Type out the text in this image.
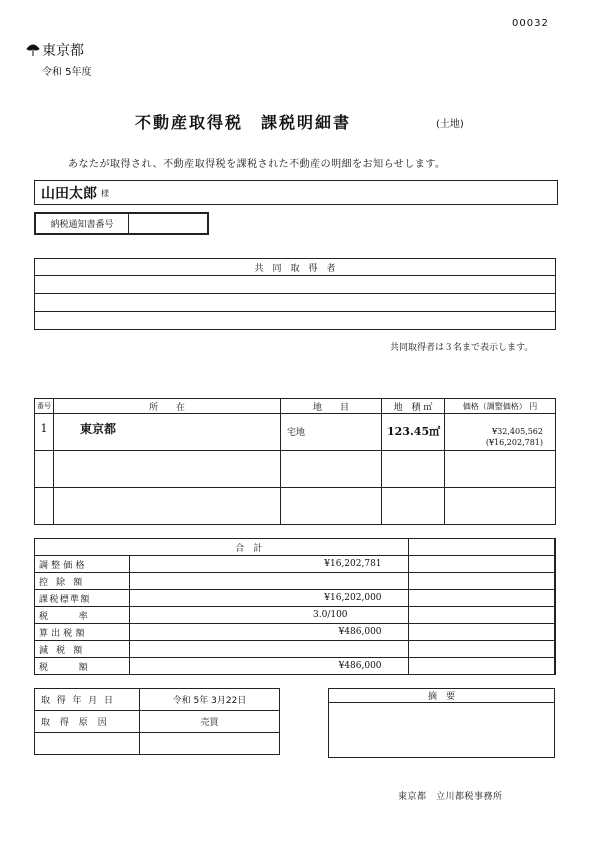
00032
東京都
令和 5年度
不動産取得税　課税明細書	(土地)
あなたが取得され、不動産取得税を課税された不動産の明細をお知らせします。
山田太郎 様
納税通知書番号	
共　同　取　得　者

共同取得者は３名まで表示します。
番号	所　　在	地　　目	地　積 ㎡	価格（調整価格） 円
1	東京都	宅地	123.45㎡	¥32,405,562
(¥16,202,781)

合　計			
調整価格	¥16,202,781		
控除額			
課税標準額	¥16,202,000		
税率	3.0/100		
算出税額	¥486,000		
減税額			
税額	¥486,000		
取得年月日	令和 5年 3月22日
取得原因	売買

摘　要

東京都　立川都税事務所
